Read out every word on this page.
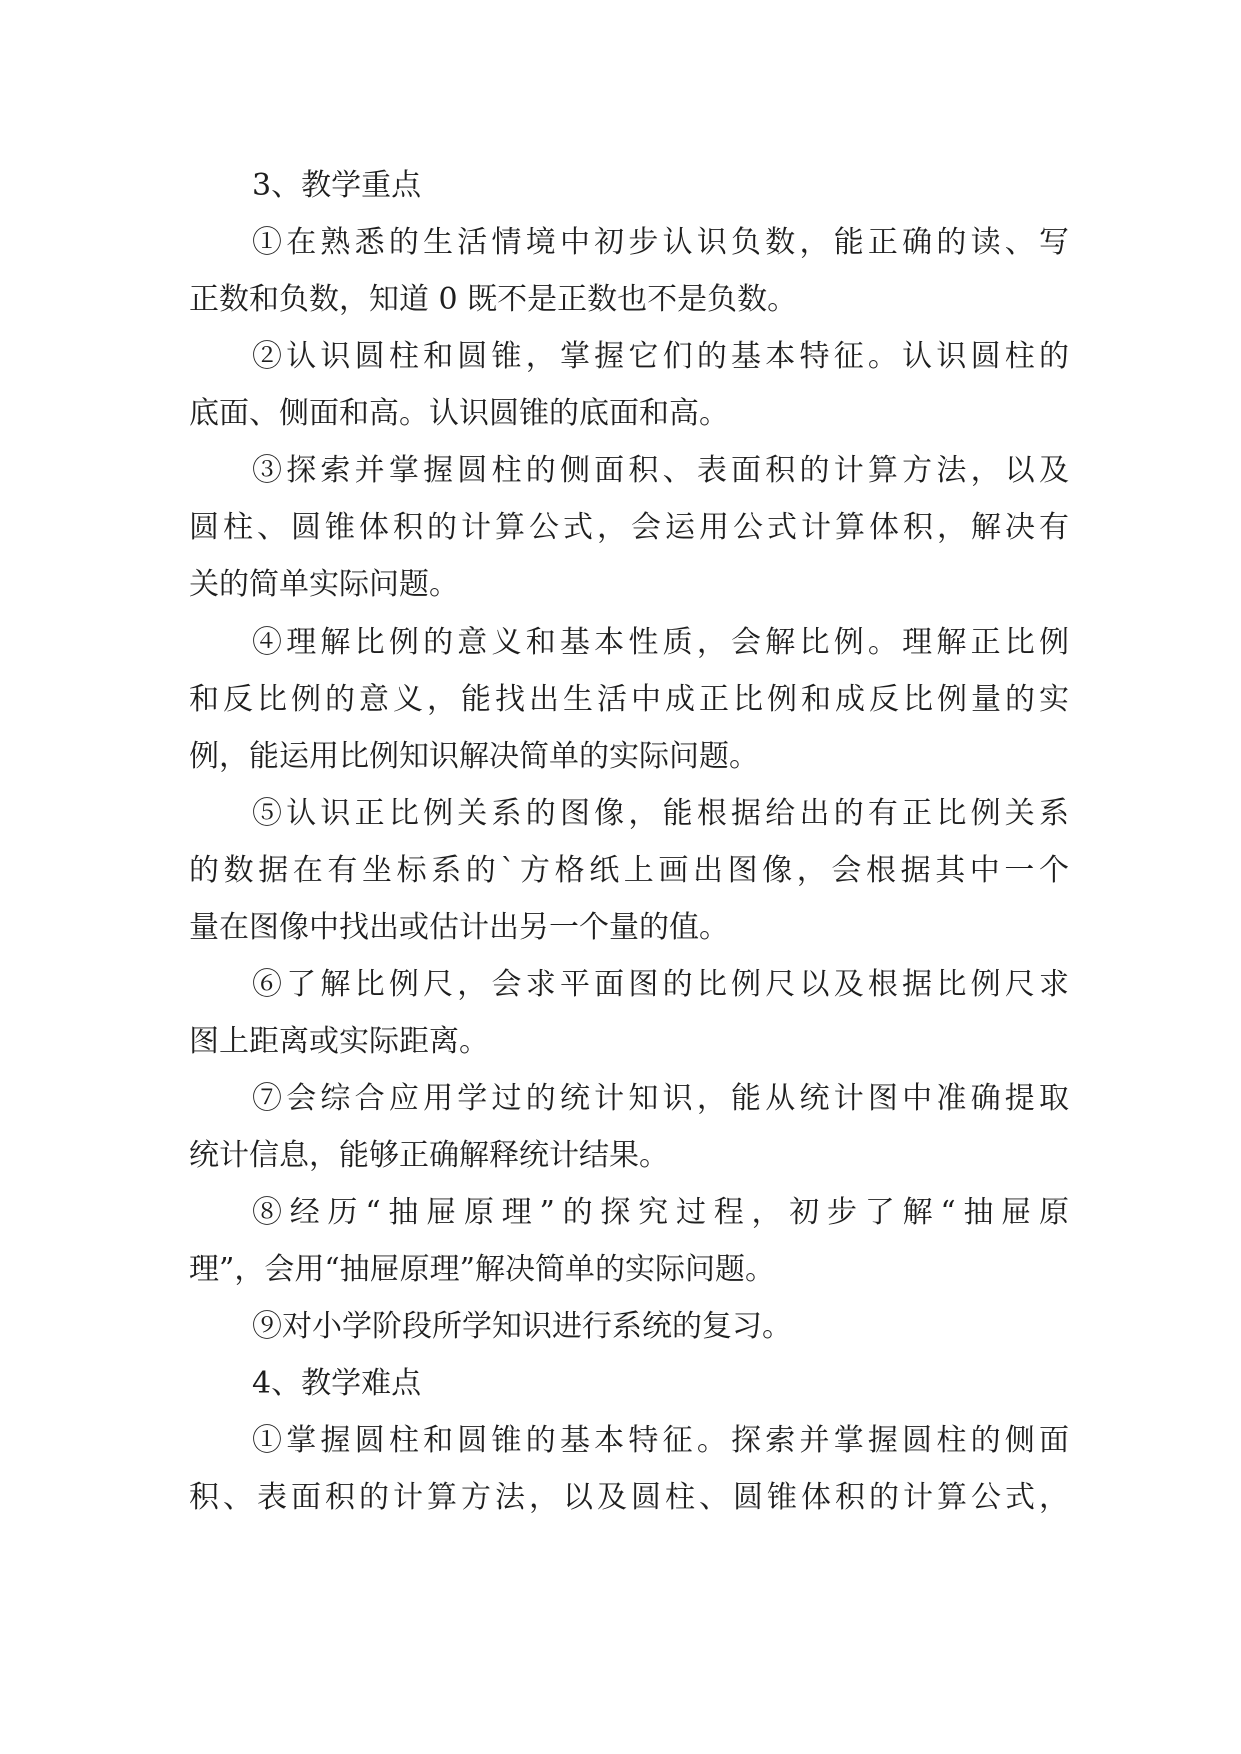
3、教学重点
①在熟悉的生活情境中初步认识负数，能正确的读、写
正数和负数，知道 0 既不是正数也不是负数。
②认识圆柱和圆锥，掌握它们的基本特征。认识圆柱的
底面、侧面和高。认识圆锥的底面和高。
③探索并掌握圆柱的侧面积、表面积的计算方法，以及
圆柱、圆锥体积的计算公式，会运用公式计算体积，解决有
关的简单实际问题。
④理解比例的意义和基本性质，会解比例。理解正比例
和反比例的意义，能找出生活中成正比例和成反比例量的实
例，能运用比例知识解决简单的实际问题。
⑤认识正比例关系的图像，能根据给出的有正比例关系
的数据在有坐标系的`方格纸上画出图像，会根据其中一个
量在图像中找出或估计出另一个量的值。
⑥了解比例尺，会求平面图的比例尺以及根据比例尺求
图上距离或实际距离。
⑦会综合应用学过的统计知识，能从统计图中准确提取
统计信息，能够正确解释统计结果。
⑧经历“抽屉原理”的探究过程，初步了解“抽屉原
理”，会用“抽屉原理”解决简单的实际问题。
⑨对小学阶段所学知识进行系统的复习。
4、教学难点
①掌握圆柱和圆锥的基本特征。探索并掌握圆柱的侧面
积、表面积的计算方法，以及圆柱、圆锥体积的计算公式，
